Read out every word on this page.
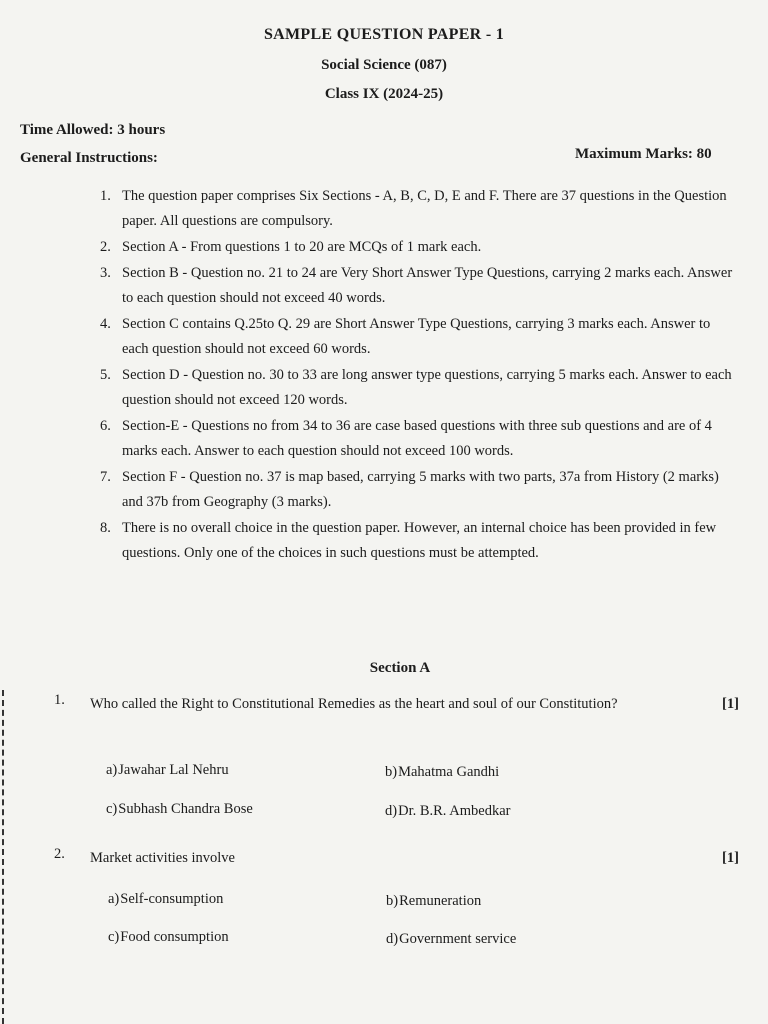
SAMPLE QUESTION PAPER - 1
Social Science (087)
Class IX (2024-25)
Time Allowed: 3 hours
General Instructions:	Maximum Marks: 80
1. The question paper comprises Six Sections - A, B, C, D, E and F. There are 37 questions in the Question paper. All questions are compulsory.
2. Section A - From questions 1 to 20 are MCQs of 1 mark each.
3. Section B - Question no. 21 to 24 are Very Short Answer Type Questions, carrying 2 marks each. Answer to each question should not exceed 40 words.
4. Section C contains Q.25to Q. 29 are Short Answer Type Questions, carrying 3 marks each. Answer to each question should not exceed 60 words.
5. Section D - Question no. 30 to 33 are long answer type questions, carrying 5 marks each. Answer to each question should not exceed 120 words.
6. Section-E - Questions no from 34 to 36 are case based questions with three sub questions and are of 4 marks each. Answer to each question should not exceed 100 words.
7. Section F - Question no. 37 is map based, carrying 5 marks with two parts, 37a from History (2 marks) and 37b from Geography (3 marks).
8. There is no overall choice in the question paper. However, an internal choice has been provided in few questions. Only one of the choices in such questions must be attempted.
Section A
1. Who called the Right to Constitutional Remedies as the heart and soul of our Constitution?	[1]
a)Jawahar Lal Nehru	b)Mahatma Gandhi
c)Subhash Chandra Bose	d)Dr. B.R. Ambedkar
2. Market activities involve	[1]
a)Self-consumption	b)Remuneration
c)Food consumption	d)Government service
